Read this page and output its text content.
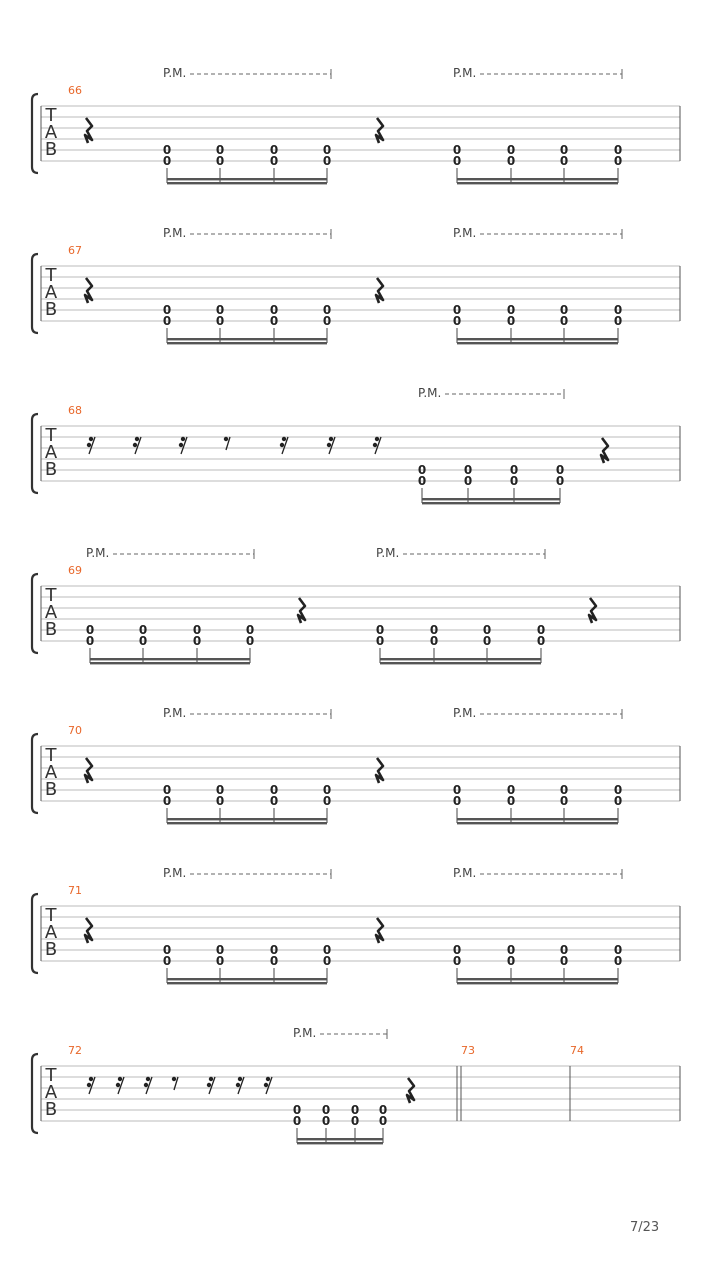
T
A
B
66
0
0
0
0
0
0
0
0
0
0
0
0
0
0
0
0
P.M.	P.M.
T
A
B
67
0
0
0
0
0
0
0
0
0
0
0
0
0
0
0
0
P.M.	P.M.
T
A
B
68
0
0
0
0
0
0
0
0
P.M.
T
A
B
69
0
0
0
0
0
0
0
0
0
0
0
0
0
0
0
0
P.M.	P.M.
T
A
B
70
0
0
0
0
0
0
0
0
0
0
0
0
0
0
0
0
P.M.	P.M.
T
A
B
71
0
0
0
0
0
0
0
0
0
0
0
0
0
0
0
0
P.M.	P.M.
T
A
B
72
0
0
0
0
0
0
0
0
P.M.
73	74
7/23
